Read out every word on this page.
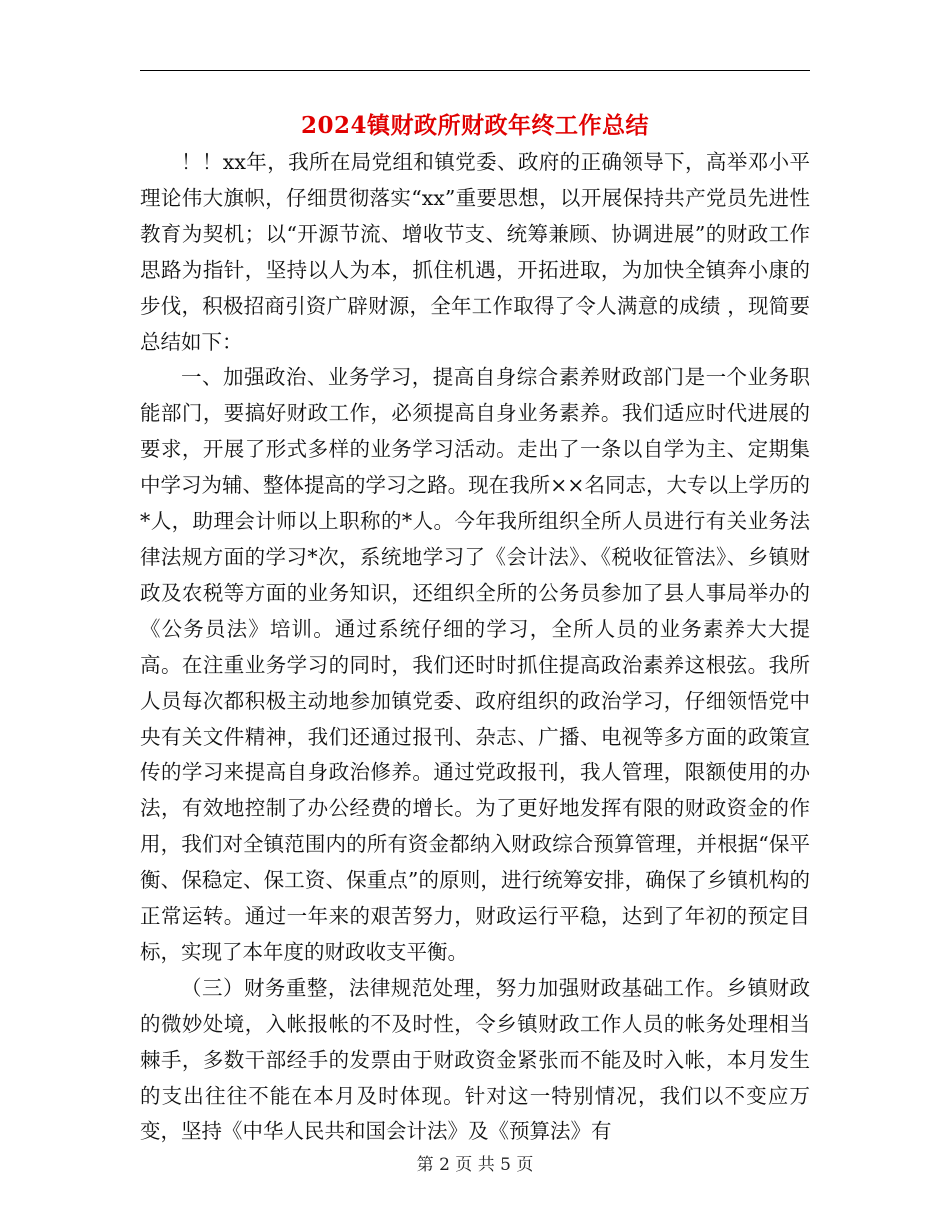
2024镇财政所财政年终工作总结

！！xx年，我所在局党组和镇党委、政府的正确领导下，高举邓小平理论伟大旗帜，仔细贯彻落实“xx”重要思想，以开展保持共产党员先进性教育为契机；以“开源节流、增收节支、统筹兼顾、协调进展”的财政工作思路为指针，坚持以人为本，抓住机遇，开拓进取，为加快全镇奔小康的步伐，积极招商引资广辟财源，全年工作取得了令人满意的成绩 ，现简要总结如下：

一、加强政治、业务学习，提高自身综合素养财政部门是一个业务职能部门，要搞好财政工作，必须提高自身业务素养。我们适应时代进展的要求，开展了形式多样的业务学习活动。走出了一条以自学为主、定期集中学习为辅、整体提高的学习之路。现在我所××名同志，大专以上学历的*人，助理会计师以上职称的*人。今年我所组织全所人员进行有关业务法律法规方面的学习*次，系统地学习了《会计法》、《税收征管法》、乡镇财政及农税等方面的业务知识，还组织全所的公务员参加了县人事局举办的《公务员法》培训。通过系统仔细的学习，全所人员的业务素养大大提高。在注重业务学习的同时，我们还时时抓住提高政治素养这根弦。我所人员每次都积极主动地参加镇党委、政府组织的政治学习，仔细领悟党中央有关文件精神，我们还通过报刊、杂志、广播、电视等多方面的政策宣传的学习来提高自身政治修养。通过党政报刊，我人管理，限额使用的办法，有效地控制了办公经费的增长。为了更好地发挥有限的财政资金的作用，我们对全镇范围内的所有资金都纳入财政综合预算管理，并根据“保平衡、保稳定、保工资、保重点”的原则，进行统筹安排，确保了乡镇机构的正常运转。通过一年来的艰苦努力，财政运行平稳，达到了年初的预定目标，实现了本年度的财政收支平衡。

（三）财务重整，法律规范处理，努力加强财政基础工作。乡镇财政的微妙处境，入帐报帐的不及时性，令乡镇财政工作人员的帐务处理相当棘手，多数干部经手的发票由于财政资金紧张而不能及时入帐，本月发生的支出往往不能在本月及时体现。针对这一特别情况，我们以不变应万变，坚持《中华人民共和国会计法》及《预算法》有

第 2 页 共 5 页
